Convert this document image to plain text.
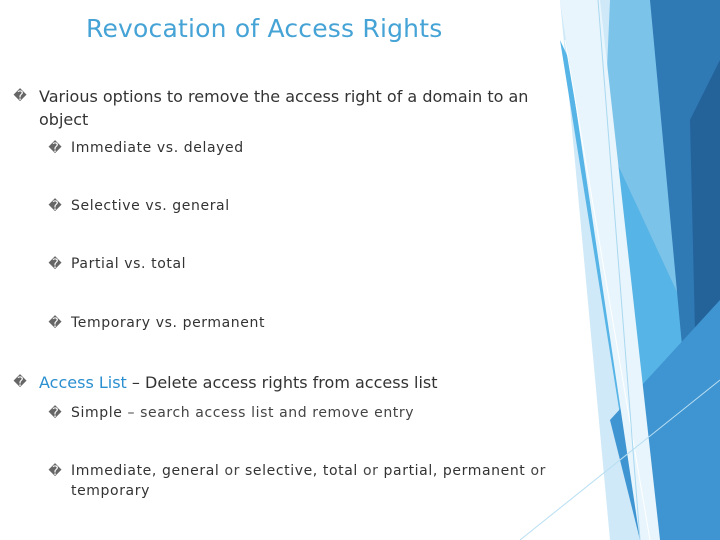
Revocation of Access Rights
� Various options to remove the access right of a domain to an
object
� Immediate vs. delayed
� Selective vs. general
� Partial vs. total
� Temporary vs. permanent
� Access List – Delete access rights from access list
� Simple – search access list and remove entry
� Immediate, general or selective, total or partial, permanent or
temporary
